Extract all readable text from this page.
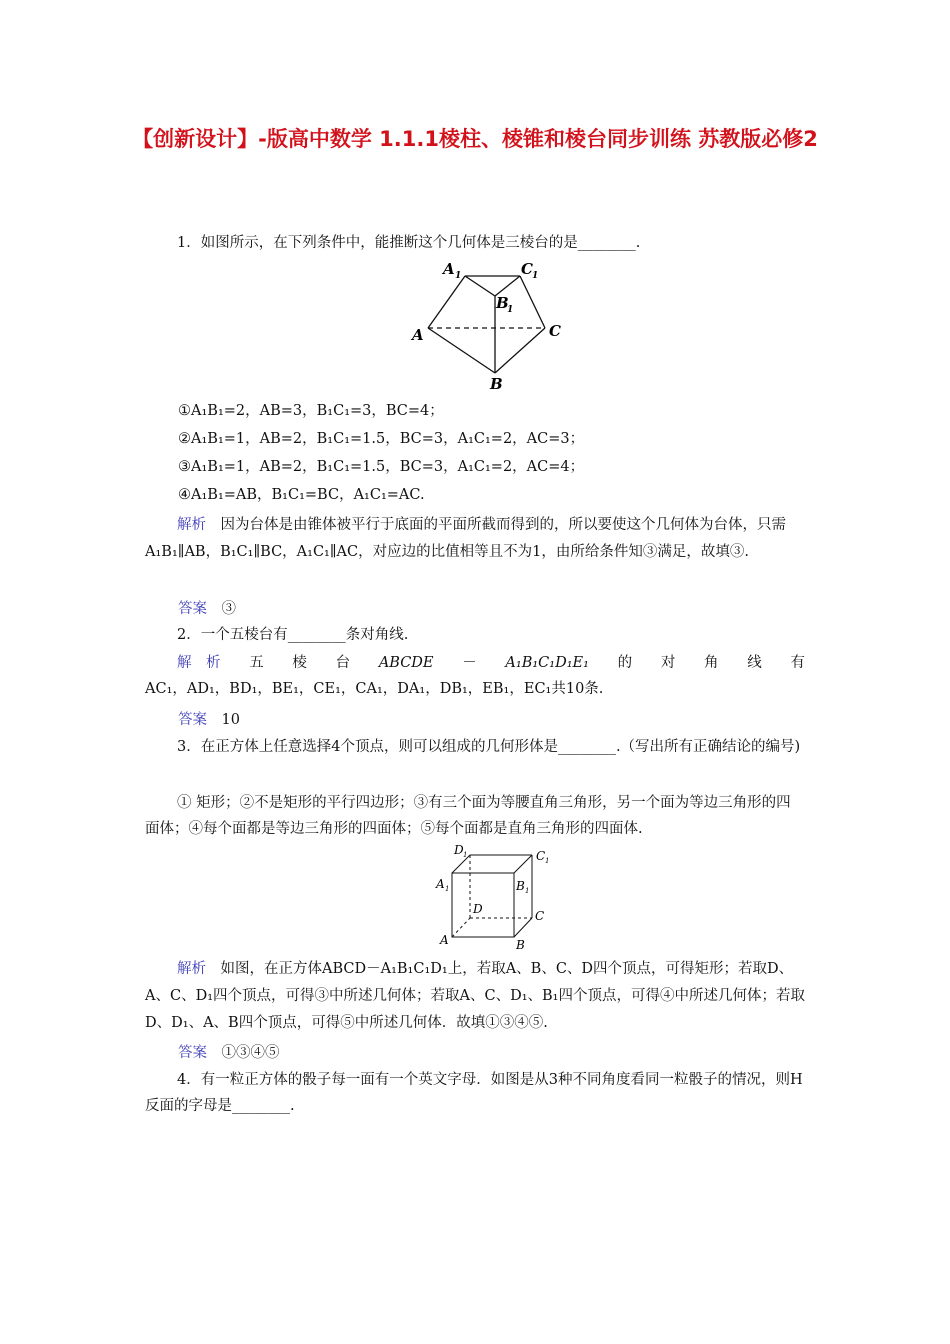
【创新设计】-版高中数学 1.1.1棱柱、棱锥和棱台同步训练 苏教版必修2
1．如图所示，在下列条件中，能推断这个几何体是三棱台的是________.
A 1	C 1
B
1
A	C
B
①A₁B₁=2，AB=3，B₁C₁=3，BC=4；
②A₁B₁=1，AB=2，B₁C₁=1.5，BC=3，A₁C₁=2，AC=3；
③A₁B₁=1，AB=2，B₁C₁=1.5，BC=3，A₁C₁=2，AC=4；
④A₁B₁=AB，B₁C₁=BC，A₁C₁=AC.
解析　 因为台体是由锥体被平行于底面的平面所截而得到的，所以要使这个几何体为台体，只需 A₁B₁∥AB，B₁C₁∥BC，A₁C₁∥AC，对应边的比值相等且不为1，由所给条件知③满足，故填③.
答案　 ③
2．一个五棱台有________条对角线.
解　析 五 棱 台 ABCDE － A₁B₁C₁D₁E₁ 的 对 角 线 有
AC₁，AD₁，BD₁，BE₁，CE₁，CA₁，DA₁，DB₁，EB₁，EC₁共10条.
答案　 10
3．在正方体上任意选择4个顶点，则可以组成的几何形体是________.（写出所有正确结论的编号)
① 矩形；②不是矩形的平行四边形；③有三个面为等腰直角三角形，另一个面为等边三角形的四面体；④每个面都是等边三角形的四面体；⑤每个面都是直角三角形的四面体.
D 1	C 1
A 1	B 1
D	C
A	B
解析　 如图，在正方体ABCD－A₁B₁C₁D₁上，若取A、B、C、D四个顶点，可得矩形；若取D、A、C、D₁四个顶点，可得③中所述几何体；若取A、C、D₁、B₁四个顶点，可得④中所述几何体；若取D、D₁、A、B四个顶点，可得⑤中所述几何体．故填①③④⑤.
答案　 ①③④⑤
4．有一粒正方体的骰子每一面有一个英文字母．如图是从3种不同角度看同一粒骰子的情况，则H反面的字母是________.
